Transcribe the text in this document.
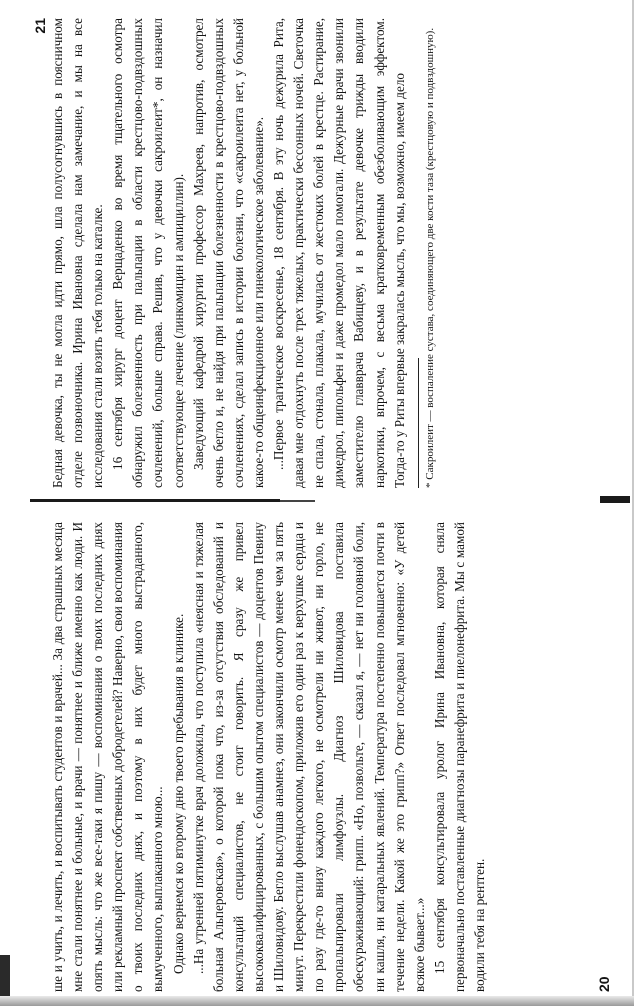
21 Бедная девочка, ты не могла идти прямо, шла полусогнувшись в поясничном отделе позвоночника. Ирина Ивановна сделала нам замечание, и мы на все исследования стали возить тебя только на каталке. 16 сентября хирург доцент Верщаденко во время тщательного осмотра обнаружил болезненность при пальпации в области крестцово-подвздошных сочленений, больше справа. Решив, что у девочки сакроилеит*, он назначил соответствующее лечение (линкомицин и ампициллин). Заведующий кафедрой хирургии профессор Махреев, напротив, осмотрел очень бегло и, не найдя при пальпации болезненности в крестцово-подвздошных сочленениях, сделал запись в истории болезни, что «сакроилеита нет, у больной какое-то общеинфекционное или гинекологическое заболевание». ...Первое трагическое воскресенье, 18 сентября. В эту ночь дежурила Рита, давая мне отдохнуть после трех тяжелых, практически бессонных ночей. Светочка не спала, стонала, плакала, мучилась от жестоких болей в крестце. Растирание, димедрол, пипольфен и даже промедол мало помогали. Дежурные врачи звонили заместителю главврача Вабищеву, и в результате девочке трижды вводили наркотики, впрочем, с весьма кратковременным обезболивающим эффектом. Тогда-то у Риты впервые закралась мысль, что мы, возможно, имеем дело * Сакроилеит — воспаление сустава, соединяющего две кости таза (крестцовую и подвздошную).

ше и учить, и лечить, и воспитывать студентов и врачей... За два страшных месяца мне стали понятнее и больные, и врачи — понятнее и ближе именно как люди. И опять мысль: что же все-таки я пишу — воспоминания о твоих последних днях или рекламный проспект собственных добродетелей? Наверно, свои воспоминания о твоих последних днях, и поэтому в них будет много выстраданного, вымученного, выплаканного мною... Однако вернемся ко второму дню твоего пребывания в клинике. ...На утренней пятиминутке врач доложила, что поступила «неясная и тяжелая больная Альперовская», о которой пока что, из-за отсутствия обследований и консультаций специалистов, не стоит говорить. Я сразу же привел высококвалифицированных, с большим опытом специалистов — доцентов Певину и Шиловидову. Бегло выслушав анамнез, они закончили осмотр менее чем за пять минут. Перекрестили фонендоскопом, приложив его один раз к верхушке сердца и по разу где-то внизу каждого легкого, не осмотрели ни живот, ни горло, не пропальпировали лимфоузлы. Диагноз Шиловидова поставила обескураживающий: грипп. «Но, позвольте, — сказал я, — нет ни головной боли, ни кашля, ни катаральных явлений. Температура постепенно повышается почти в течение недели. Какой же это грипп?» Ответ последовал мгновенно: «У детей всякое бывает...» 15 сентября консультировала уролог Ирина Ивановна, которая сняла первоначально поставленные диагнозы паранефрита и пиелонефрита. Мы с мамой водили тебя на рентген.	20
